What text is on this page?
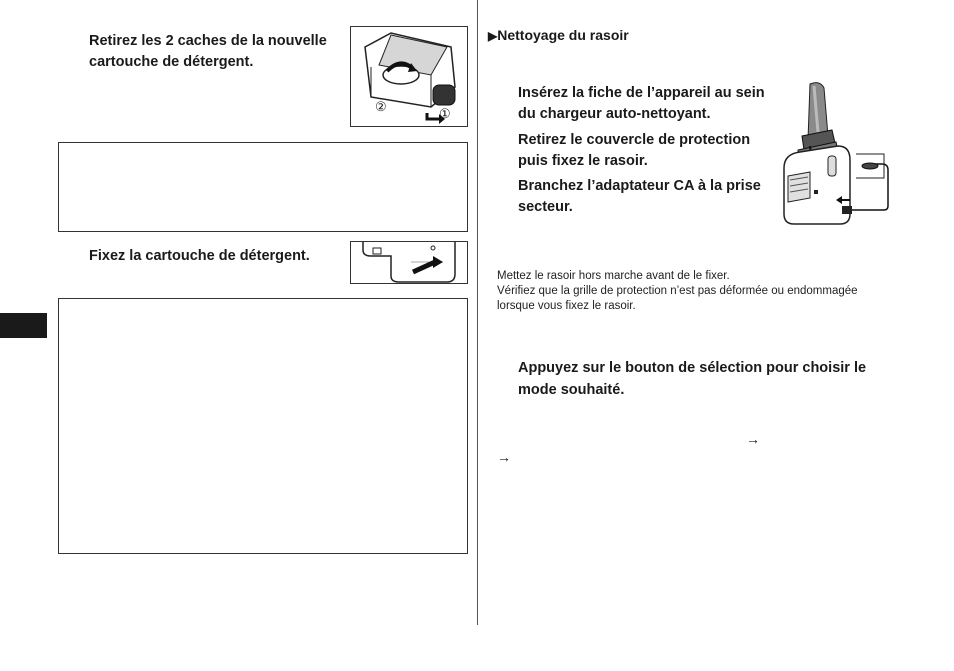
Retirez les 2 caches de la nouvelle
cartouche de détergent.
②	①
Fixez la cartouche de détergent.
▶Nettoyage du rasoir
Insérez la fiche de l’appareil au sein
du chargeur auto-nettoyant.
Retirez le couvercle de protection
puis fixez le rasoir.
Branchez l’adaptateur CA à la prise
secteur.
Mettez le rasoir hors marche avant de le fixer.
Vérifiez que la grille de protection n’est pas déformée ou endommagée
lorsque vous fixez le rasoir.
Appuyez sur le bouton de sélection pour choisir le
mode souhaité.
→
→
